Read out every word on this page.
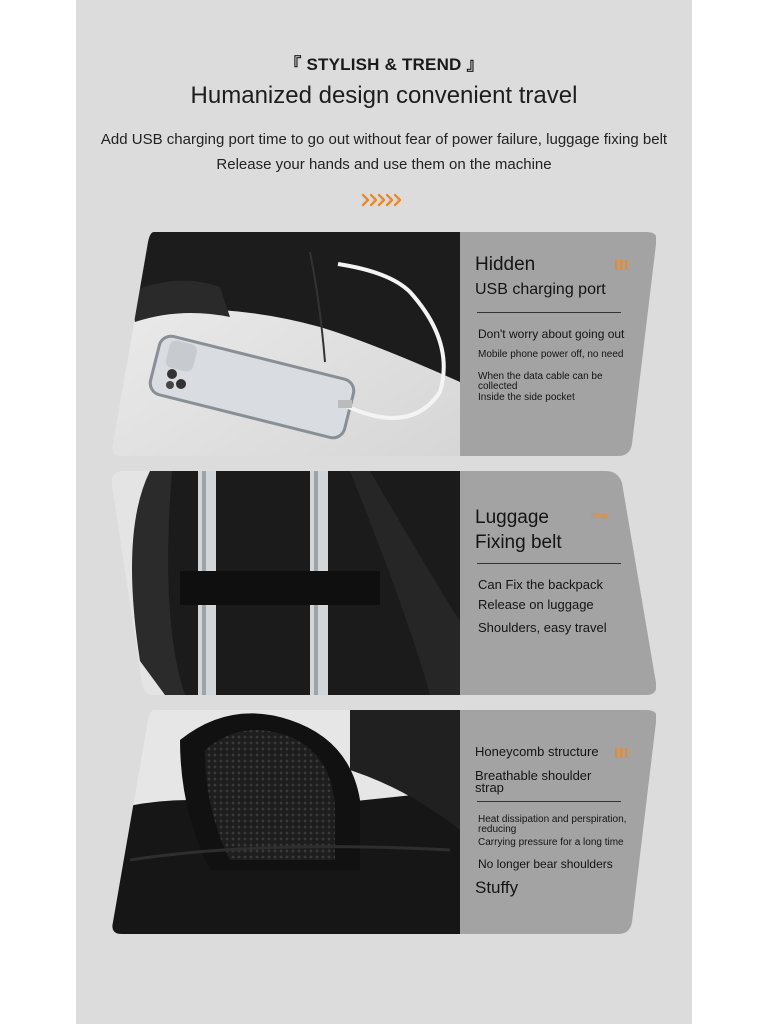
『 STYLISH & TREND 』
Humanized design convenient travel
Add USB charging port time to go out without fear of power failure, luggage fixing belt
Release your hands and use them on the machine
Hidden
USB charging port
Don't worry about going out
Mobile phone power off, no need
When the data cable can be collected
Inside the side pocket
Luggage
Fixing belt
Strap
Can Fix the backpack
Release on luggage
Shoulders, easy travel
Honeycomb structure
Breathable shoulder strap
Heat dissipation and perspiration, reducing
Carrying pressure for a long time
No longer bear shoulders
Stuffy
